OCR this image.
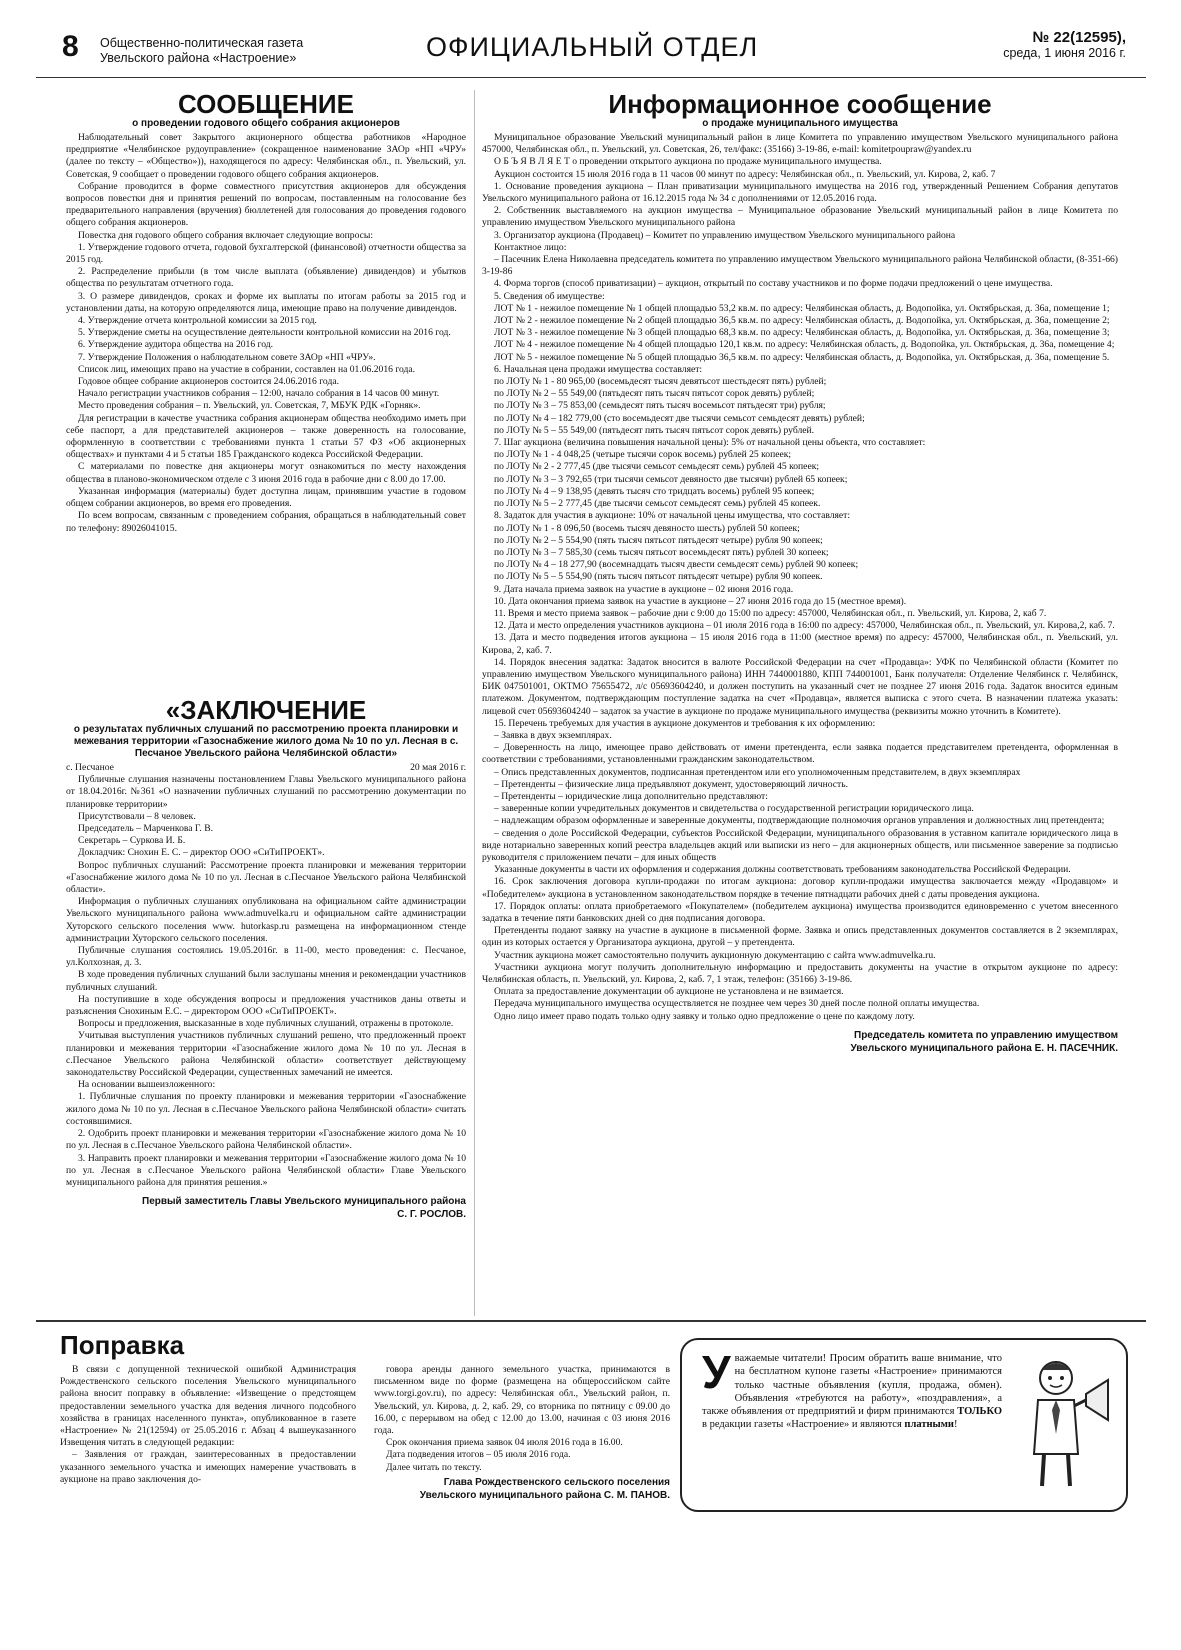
8 Общественно-политическая газета
Увельского района «Настроение»	ОФИЦИАЛЬНЫЙ ОТДЕЛ	№ 22(12595),
среда, 1 июня 2016 г.
СООБЩЕНИЕ
о проведении годового общего собрания акционеров

Наблюдательный совет Закрытого акционерного общества работников «Народное предприятие «Челябинское рудоуправление» (сокращенное наименование ЗАОр «НП «ЧРУ» (далее по тексту – «Общество»)), находящегося по адресу: Челябинская обл., п. Увельский, ул. Советская, 9 сообщает о проведении годового общего собрания акционеров.

Собрание проводится в форме совместного присутствия акционеров для обсуждения вопросов повестки дня и принятия решений по вопросам, поставленным на голосование без предварительного направления (вручения) бюллетеней для голосования до проведения годового общего собрания акционеров.

Повестка дня годового общего собрания включает следующие вопросы:

1. Утверждение годового отчета, годовой бухгалтерской (финансовой) отчетности общества за 2015 год.

2. Распределение прибыли (в том числе выплата (объявление) дивидендов) и убытков общества по результатам отчетного года.

3. О размере дивидендов, сроках и форме их выплаты по итогам работы за 2015 год и установлении даты, на которую определяются лица, имеющие право на получение дивидендов.

4. Утверждение отчета контрольной комиссии за 2015 год.

5. Утверждение сметы на осуществление деятельности контрольной комиссии на 2016 год.

6. Утверждение аудитора общества на 2016 год.

7. Утверждение Положения о наблюдательном совете ЗАОр «НП «ЧРУ».

Список лиц, имеющих право на участие в собрании, составлен на 01.06.2016 года.

Годовое общее собрание акционеров состоится 24.06.2016 года.

Начало регистрации участников собрания – 12:00, начало собрания в 14 часов 00 минут.

Место проведения собрания – п. Увельский, ул. Советская, 7, МБУК РДК «Горняк».

Для регистрации в качестве участника собрания акционерам общества необходимо иметь при себе паспорт, а для представителей акционеров – также доверенность на голосование, оформленную в соответствии с требованиями пункта 1 статьи 57 ФЗ «Об акционерных обществах» и пунктами 4 и 5 статьи 185 Гражданского кодекса Российской Федерации.

С материалами по повестке дня акционеры могут ознакомиться по месту нахождения общества в планово-экономическом отделе с 3 июня 2016 года в рабочие дни с 8.00 до 17.00.

Указанная информация (материалы) будет доступна лицам, принявшим участие в годовом общем собрании акционеров, во время его проведения.

По всем вопросам, связанным с проведением собрания, обращаться в наблюдательный совет по телефону: 89026041015.

«ЗАКЛЮЧЕНИЕ
о результатах публичных слушаний по рассмотрению проекта планировки и межевания территории «Газоснабжение жилого дома № 10 по ул. Лесная в с. Песчаное Увельского района Челябинской области»
с. Песчаное	20 мая 2016 г.

Публичные слушания назначены постановлением Главы Увельского муниципального района от 18.04.2016г. №361 «О назначении публичных слушаний по рассмотрению документации по планировке территории»

Присутствовали – 8 человек.

Председатель – Марченкова Г. В.

Секретарь – Суркова И. Б.

Докладчик: Снохин Е. С. – директор ООО «СиТиПРОЕКТ».

Вопрос публичных слушаний: Рассмотрение проекта планировки и межевания территории «Газоснабжение жилого дома № 10 по ул. Лесная в с.Песчаное Увельского района Челябинской области».

Информация о публичных слушаниях опубликована на официальном сайте администрации Увельского муниципального района www.admuvelka.ru и официальном сайте администрации Хуторского сельского поселения www. hutorkasp.ru размещена на информационном стенде администрации Хуторского сельского поселения.

Публичные слушания состоялись 19.05.2016г. в 11-00, место проведения: с. Песчаное, ул.Колхозная, д. 3.

В ходе проведения публичных слушаний были заслушаны мнения и рекомендации участников публичных слушаний.

На поступившие в ходе обсуждения вопросы и предложения участников даны ответы и разъяснения Снохиным Е.С. – директором ООО «СиТиПРОЕКТ».

Вопросы и предложения, высказанные в ходе публичных слушаний, отражены в протоколе.

Учитывая выступления участников публичных слушаний решено, что предложенный проект планировки и межевания территории «Газоснабжение жилого дома № 10 по ул. Лесная в с.Песчаное Увельского района Челябинской области» соответствует действующему законодательству Российской Федерации, существенных замечаний не имеется.

На основании вышеизложенного:

1. Публичные слушания по проекту планировки и межевания территории «Газоснабжение жилого дома № 10 по ул. Лесная в с.Песчаное Увельского района Челябинской области» считать состоявшимися.

2. Одобрить проект планировки и межевания территории «Газоснабжение жилого дома № 10 по ул. Лесная в с.Песчаное Увельского района Челябинской области».

3. Направить проект планировки и межевания территории «Газоснабжение жилого дома № 10 по ул. Лесная в с.Песчаное Увельского района Челябинской области» Главе Увельского муниципального района для принятия решения.»

Первый заместитель Главы Увельского муниципального района
С. Г. РОСЛОВ.
Информационное сообщение
о продаже муниципального имущества

Муниципальное образование Увельский муниципальный район в лице Комитета по управлению имуществом Увельского муниципального района 457000, Челябинская обл., п. Увельский, ул. Советская, 26, тел/факс: (35166) 3-19-86, e-mail: komitetpoupraw@yandex.ru

О Б Ъ Я В Л Я Е Т о проведении открытого аукциона по продаже муниципального имущества.

Аукцион состоится 15 июля 2016 года в 11 часов 00 минут по адресу: Челябинская обл., п. Увельский, ул. Кирова, 2, каб. 7

1. Основание проведения аукциона – План приватизации муниципального имущества на 2016 год, утвержденный Решением Собрания депутатов Увельского муниципального района от 16.12.2015 года № 34 с дополнениями от 12.05.2016 года.

2. Собственник выставляемого на аукцион имущества – Муниципальное образование Увельский муниципальный район в лице Комитета по управлению имуществом Увельского муниципального района

3. Организатор аукциона (Продавец) – Комитет по управлению имуществом Увельского муниципального района

Контактное лицо:

– Пасечник Елена Николаевна председатель комитета по управлению имуществом Увельского муниципального района Челябинской области, (8-351-66) 3-19-86

4. Форма торгов (способ приватизации) – аукцион, открытый по составу участников и по форме подачи предложений о цене имущества.

5. Сведения об имуществе:

ЛОТ № 1 - нежилое помещение № 1 общей площадью 53,2 кв.м. по адресу: Челябинская область, д. Водопойка, ул. Октябрьская, д. 36а, помещение 1;

ЛОТ № 2 - нежилое помещение № 2 общей площадью 36,5 кв.м. по адресу: Челябинская область, д. Водопойка, ул. Октябрьская, д. 36а, помещение 2;

ЛОТ № 3 - нежилое помещение № 3 общей площадью 68,3 кв.м. по адресу: Челябинская область, д. Водопойка, ул. Октябрьская, д. 36а, помещение 3;

ЛОТ № 4 - нежилое помещение № 4 общей площадью 120,1 кв.м. по адресу: Челябинская область, д. Водопойка, ул. Октябрьская, д. 36а, помещение 4;

ЛОТ № 5 - нежилое помещение № 5 общей площадью 36,5 кв.м. по адресу: Челябинская область, д. Водопойка, ул. Октябрьская, д. 36а, помещение 5.

6. Начальная цена продажи имущества составляет:

по ЛОТу № 1 - 80 965,00 (восемьдесят тысяч девятьсот шестьдесят пять) рублей;

по ЛОТу № 2 – 55 549,00 (пятьдесят пять тысяч пятьсот сорок девять) рублей;

по ЛОТу № 3 – 75 853,00 (семьдесят пять тысяч восемьсот пятьдесят три) рубля;

по ЛОТу № 4 – 182 779,00 (сто восемьдесят две тысячи семьсот семьдесят девять) рублей;

по ЛОТу № 5 – 55 549,00 (пятьдесят пять тысяч пятьсот сорок девять) рублей.

7. Шаг аукциона (величина повышения начальной цены): 5% от начальной цены объекта, что составляет:

по ЛОТу № 1 - 4 048,25 (четыре тысячи сорок восемь) рублей 25 копеек;

по ЛОТу № 2 - 2 777,45 (две тысячи семьсот семьдесят семь) рублей 45 копеек;

по ЛОТу № 3 – 3 792,65 (три тысячи семьсот девяносто две тысячи) рублей 65 копеек;

по ЛОТу № 4 – 9 138,95 (девять тысяч сто тридцать восемь) рублей 95 копеек;

по ЛОТу № 5 – 2 777,45 (две тысячи семьсот семьдесят семь) рублей 45 копеек.

8. Задаток для участия в аукционе: 10% от начальной цены имущества, что составляет:

по ЛОТу № 1 - 8 096,50 (восемь тысяч девяносто шесть) рублей 50 копеек;

по ЛОТу № 2 – 5 554,90 (пять тысяч пятьсот пятьдесят четыре) рубля 90 копеек;

по ЛОТу № 3 – 7 585,30 (семь тысяч пятьсот восемьдесят пять) рублей 30 копеек;

по ЛОТу № 4 – 18 277,90 (восемнадцать тысяч двести семьдесят семь) рублей 90 копеек;

по ЛОТу № 5 – 5 554,90 (пять тысяч пятьсот пятьдесят четыре) рубля 90 копеек.

9. Дата начала приема заявок на участие в аукционе – 02 июня 2016 года.

10. Дата окончания приема заявок на участие в аукционе – 27 июня 2016 года до 15 (местное время).

11. Время и место приема заявок – рабочие дни с 9:00 до 15:00 по адресу: 457000, Челябинская обл., п. Увельский, ул. Кирова, 2, каб 7.

12. Дата и место определения участников аукциона – 01 июля 2016 года в 16:00 по адресу: 457000, Челябинская обл., п. Увельский, ул. Кирова,2, каб. 7.

13. Дата и место подведения итогов аукциона – 15 июля 2016 года в 11:00 (местное время) по адресу: 457000, Челябинская обл., п. Увельский, ул. Кирова, 2, каб. 7.

14. Порядок внесения задатка: Задаток вносится в валюте Российской Федерации на счет «Продавца»: УФК по Челябинской области (Комитет по управлению имуществом Увельского муниципального района) ИНН 7440001880, КПП 744001001, Банк получателя: Отделение Челябинск г. Челябинск, БИК 047501001, ОКТМО 75655472, л/с 05693604240, и должен поступить на указанный счет не позднее 27 июня 2016 года. Задаток вносится единым платежом. Документом, подтверждающим поступление задатка на счет «Продавца», является выписка с этого счета. В назначении платежа указать: лицевой счет 05693604240 – задаток за участие в аукционе по продаже муниципального имущества (реквизиты можно уточнить в Комитете).

15. Перечень требуемых для участия в аукционе документов и требования к их оформлению:

– Заявка в двух экземплярах.

– Доверенность на лицо, имеющее право действовать от имени претендента, если заявка подается представителем претендента, оформленная в соответствии с требованиями, установленными гражданским законодательством.

– Опись представленных документов, подписанная претендентом или его уполномоченным представителем, в двух экземплярах

– Претенденты – физические лица предъявляют документ, удостоверяющий личность.

– Претенденты – юридические лица дополнительно представляют:

– заверенные копии учредительных документов и свидетельства о государственной регистрации юридического лица.

– надлежащим образом оформленные и заверенные документы, подтверждающие полномочия органов управления и должностных лиц претендента;

– сведения о доле Российской Федерации, субъектов Российской Федерации, муниципального образования в уставном капитале юридического лица в виде нотариально заверенных копий реестра владельцев акций или выписки из него – для акционерных обществ, или письменное заверение за подписью руководителя с приложением печати – для иных обществ

Указанные документы в части их оформления и содержания должны соответствовать требованиям законодательства Российской Федерации.

16. Срок заключения договора купли-продажи по итогам аукциона: договор купли-продажи имущества заключается между «Продавцом» и «Победителем» аукциона в установленном законодательством порядке в течение пятнадцати рабочих дней с даты проведения аукциона.

17. Порядок оплаты: оплата приобретаемого «Покупателем» (победителем аукциона) имущества производится единовременно с учетом внесенного задатка в течение пяти банковских дней со дня подписания договора.

Претенденты подают заявку на участие в аукционе в письменной форме. Заявка и опись представленных документов составляется в 2 экземплярах, один из которых остается у Организатора аукциона, другой – у претендента.

Участник аукциона может самостоятельно получить аукционную документацию с сайта www.admuvelka.ru.

Участники аукциона могут получить дополнительную информацию и предоставить документы на участие в открытом аукционе по адресу: Челябинская область, п. Увельский, ул. Кирова, 2, каб. 7, 1 этаж, телефон: (35166) 3-19-86.

Оплата за предоставление документации об аукционе не установлена и не взимается.

Передача муниципального имущества осуществляется не позднее чем через 30 дней после полной оплаты имущества.

Одно лицо имеет право подать только одну заявку и только одно предложение о цене по каждому лоту.

Председатель комитета по управлению имуществом
Увельского муниципального района Е. Н. ПАСЕЧНИК.
Поправка

В связи с допущенной технической ошибкой Администрация Рождественского сельского поселения Увельского муниципального района вносит поправку в объявление: «Извещение о предстоящем предоставлении земельного участка для ведения личного подсобного хозяйства в границах населенного пункта», опубликованное в газете «Настроение» № 21(12594) от 25.05.2016 г. Абзац 4 вышеуказанного Извещения читать в следующей редакции:

– Заявления от граждан, заинтересованных в предоставлении указанного земельного участка и имеющих намерение участвовать в аукционе на право заключения до-

говора аренды данного земельного участка, принимаются в письменном виде по форме (размещена на общероссийском сайте www.torgi.gov.ru), по адресу: Челябинская обл., Увельский район, п. Увельский, ул. Кирова, д. 2, каб. 29, со вторника по пятницу с 09.00 до 16.00, с перерывом на обед с 12.00 до 13.00, начиная с 03 июня 2016 года.

Срок окончания приема заявок 04 июля 2016 года в 16.00.

Дата подведения итогов – 05 июля 2016 года.

Далее читать по тексту.

Глава Рождественского сельского поселения
Увельского муниципального района С. М. ПАНОВ.
Уважаемые читатели! Просим обратить ваше внимание, что на бесплатном купоне газеты «Настроение» принимаются только частные объявления (купля, продажа, обмен). Объявления «требуются на работу», «поздравления», а также объявления от предприятий и фирм принимаются ТОЛЬКО в редакции газеты «Настроение» и являются платными!
